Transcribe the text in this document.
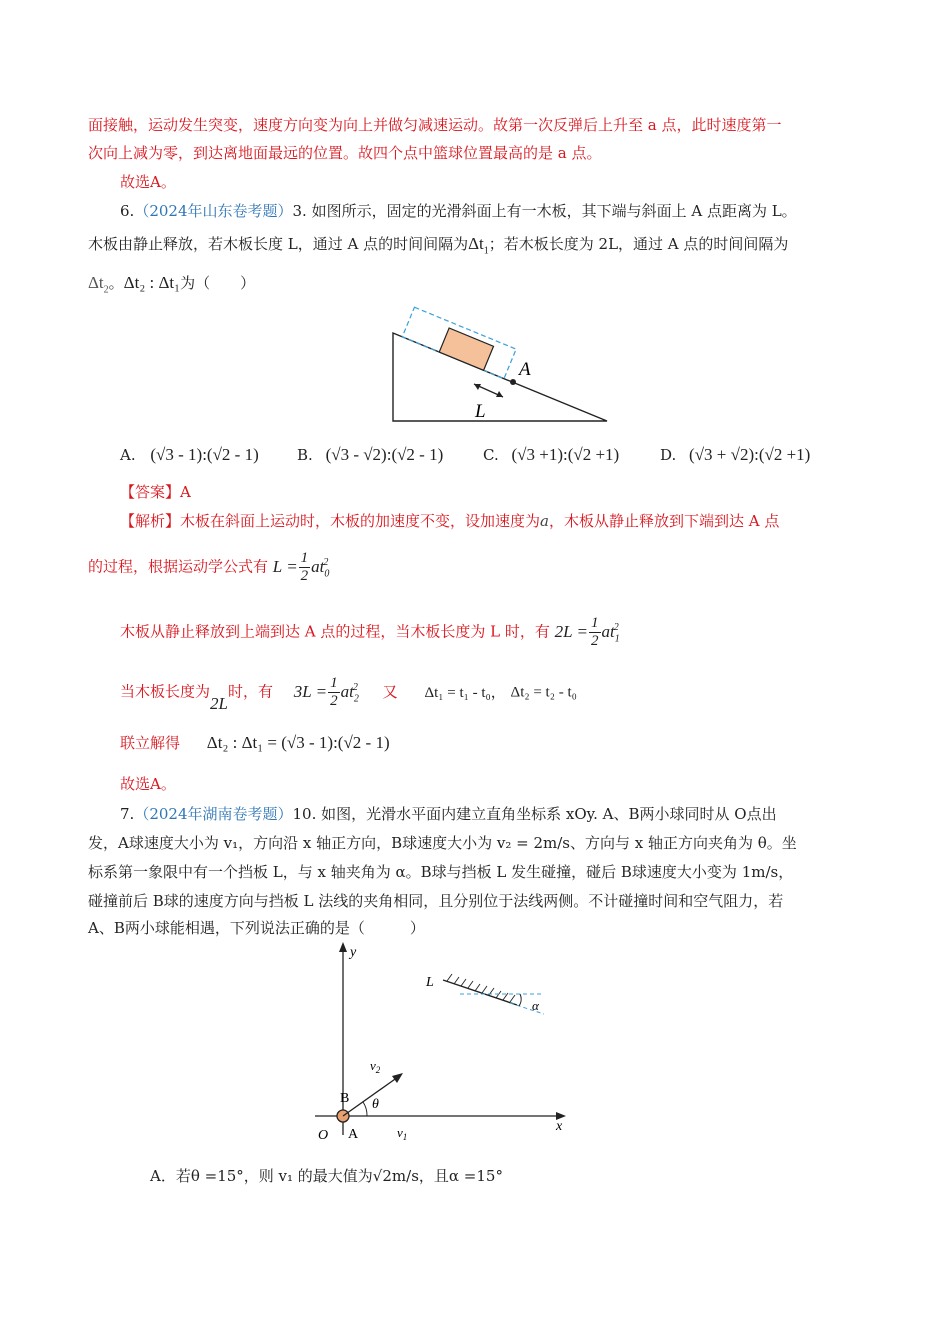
面接触，运动发生突变，速度方向变为向上并做匀减速运动。故第一次反弹后上升至 a 点，此时速度第一
次向上减为零，到达离地面最远的位置。故四个点中篮球位置最高的是 a 点。
故选A。
6.（2024年山东卷考题）3. 如图所示，固定的光滑斜面上有一木板，其下端与斜面上 A 点距离为 L。
木板由静止释放，若木板长度 L，通过 A 点的时间间隔为$\Delta t_1$；若木板长度为 2L，通过 A 点的时间间隔为
$\Delta t_2$。Δt₂ : Δt₁为（　　）
A
L
A. (√3 - 1):(√2 - 1)	B. (√3 - √2):(√2 - 1)	C. (√3 +1):(√2 +1)	D. (√3 + √2):(√2 +1)
【答案】A
【解析】木板在斜面上运动时，木板的加速度不变，设加速度为a，木板从静止释放到下端到达 A 点
的过程，根据运动学公式有 $L = \frac{1}{2} at_0^2$
木板从静止释放到上端到达 A 点的过程，当木板长度为 L 时，有 $2L = \frac{1}{2} at_1^2$
当木板长度为2L时，有 $3L = \frac{1}{2} at_2^2$ 又 Δt₁ = t₁ - t₀， Δt₂ = t₂ - t₀
联立解得 Δt₂ : Δt₁ = (√3 - 1):(√2 - 1)
故选A。
7.（2024年湖南卷考题）10. 如图，光滑水平面内建立直角坐标系 xOy. A、B两小球同时从 O点出
发，A球速度大小为 v₁，方向沿 x 轴正方向，B球速度大小为 v₂ = 2m/s、方向与 x 轴正方向夹角为 θ。坐
标系第一象限中有一个挡板 L，与 x 轴夹角为 α。B球与挡板 L 发生碰撞，碰后 B球速度大小变为 1m/s，
碰撞前后 B球的速度方向与挡板 L 法线的夹角相同，且分别位于法线两侧。不计碰撞时间和空气阻力，若
A、B两小球能相遇，下列说法正确的是（　　　）
y
x
O A
B
$v_1$
$v_2$
θ
L
α
A．若θ =15°，则 v₁ 的最大值为√2m/s，且α =15°
